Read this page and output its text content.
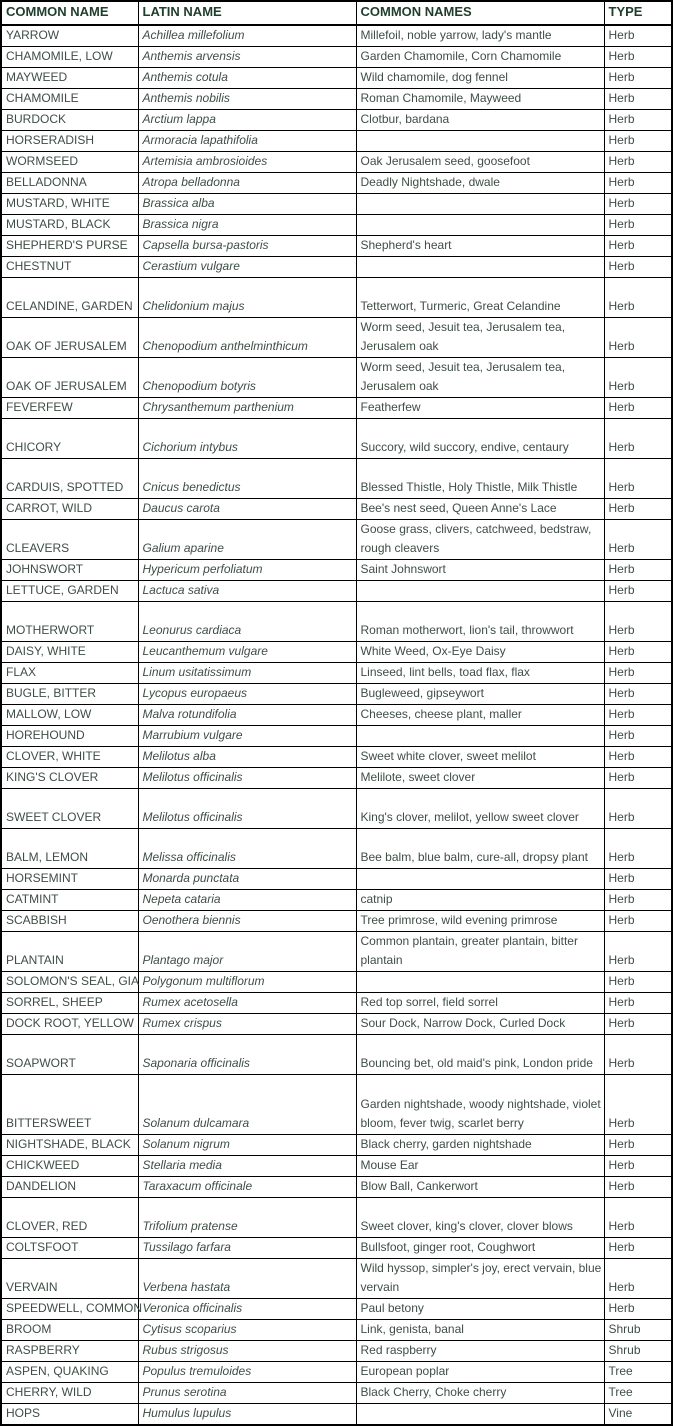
COMMON NAME	LATIN NAME	COMMON NAMES	TYPE
YARROW	Achillea millefolium	Millefoil, noble yarrow, lady's mantle	Herb
CHAMOMILE, LOW	Anthemis arvensis	Garden Chamomile, Corn Chamomile	Herb
MAYWEED	Anthemis cotula	Wild chamomile, dog fennel	Herb
CHAMOMILE	Anthemis nobilis	Roman Chamomile, Mayweed	Herb
BURDOCK	Arctium lappa	Clotbur, bardana	Herb
HORSERADISH	Armoracia lapathifolia		Herb
WORMSEED	Artemisia ambrosioides	Oak Jerusalem seed, goosefoot	Herb
BELLADONNA	Atropa belladonna	Deadly Nightshade, dwale	Herb
MUSTARD, WHITE	Brassica alba		Herb
MUSTARD, BLACK	Brassica nigra		Herb
SHEPHERD'S PURSE	Capsella bursa-pastoris	Shepherd's heart	Herb
CHESTNUT	Cerastium vulgare		Herb
CELANDINE, GARDEN	Chelidonium majus	Tetterwort, Turmeric, Great Celandine	Herb
OAK OF JERUSALEM	Chenopodium anthelminthicum	Worm seed, Jesuit tea, Jerusalem tea, Jerusalem oak	Herb
OAK OF JERUSALEM	Chenopodium botyris	Worm seed, Jesuit tea, Jerusalem tea, Jerusalem oak	Herb
FEVERFEW	Chrysanthemum parthenium	Featherfew	Herb
CHICORY	Cichorium intybus	Succory, wild succory, endive, centaury	Herb
CARDUIS, SPOTTED	Cnicus benedictus	Blessed Thistle, Holy Thistle, Milk Thistle	Herb
CARROT, WILD	Daucus carota	Bee's nest seed, Queen Anne's Lace	Herb
CLEAVERS	Galium aparine	Goose grass, clivers, catchweed, bedstraw, rough cleavers	Herb
JOHNSWORT	Hypericum perfoliatum	Saint Johnswort	Herb
LETTUCE, GARDEN	Lactuca sativa		Herb
MOTHERWORT	Leonurus cardiaca	Roman motherwort, lion's tail, throwwort	Herb
DAISY, WHITE	Leucanthemum vulgare	White Weed, Ox-Eye Daisy	Herb
FLAX	Linum usitatissimum	Linseed, lint bells, toad flax, flax	Herb
BUGLE, BITTER	Lycopus europaeus	Bugleweed, gipseywort	Herb
MALLOW, LOW	Malva rotundifolia	Cheeses, cheese plant, maller	Herb
HOREHOUND	Marrubium vulgare		Herb
CLOVER, WHITE	Melilotus alba	Sweet white clover, sweet melilot	Herb
KING'S CLOVER	Melilotus officinalis	Melilote, sweet clover	Herb
SWEET CLOVER	Melilotus officinalis	King's clover, melilot, yellow sweet clover	Herb
BALM, LEMON	Melissa officinalis	Bee balm, blue balm, cure-all, dropsy plant	Herb
HORSEMINT	Monarda punctata		Herb
CATMINT	Nepeta cataria	catnip	Herb
SCABBISH	Oenothera biennis	Tree primrose, wild evening primrose	Herb
PLANTAIN	Plantago major	Common plantain, greater plantain, bitter plantain	Herb
SOLOMON'S SEAL, GIA	Polygonum multiflorum		Herb
SORREL, SHEEP	Rumex acetosella	Red top sorrel, field sorrel	Herb
DOCK ROOT, YELLOW	Rumex crispus	Sour Dock, Narrow Dock, Curled Dock	Herb
SOAPWORT	Saponaria officinalis	Bouncing bet, old maid's pink, London pride	Herb
BITTERSWEET	Solanum dulcamara	Garden nightshade, woody nightshade, violet bloom, fever twig, scarlet berry	Herb
NIGHTSHADE, BLACK	Solanum nigrum	Black cherry, garden nightshade	Herb
CHICKWEED	Stellaria media	Mouse Ear	Herb
DANDELION	Taraxacum officinale	Blow Ball, Cankerwort	Herb
CLOVER, RED	Trifolium pratense	Sweet clover, king's clover, clover blows	Herb
COLTSFOOT	Tussilago farfara	Bullsfoot, ginger root, Coughwort	Herb
VERVAIN	Verbena hastata	Wild hyssop, simpler's joy, erect vervain, blue vervain	Herb
SPEEDWELL, COMMON	Veronica officinalis	Paul betony	Herb
BROOM	Cytisus scoparius	Link, genista, banal	Shrub
RASPBERRY	Rubus strigosus	Red raspberry	Shrub
ASPEN, QUAKING	Populus tremuloides	European poplar	Tree
CHERRY, WILD	Prunus serotina	Black Cherry, Choke cherry	Tree
HOPS	Humulus lupulus		Vine
